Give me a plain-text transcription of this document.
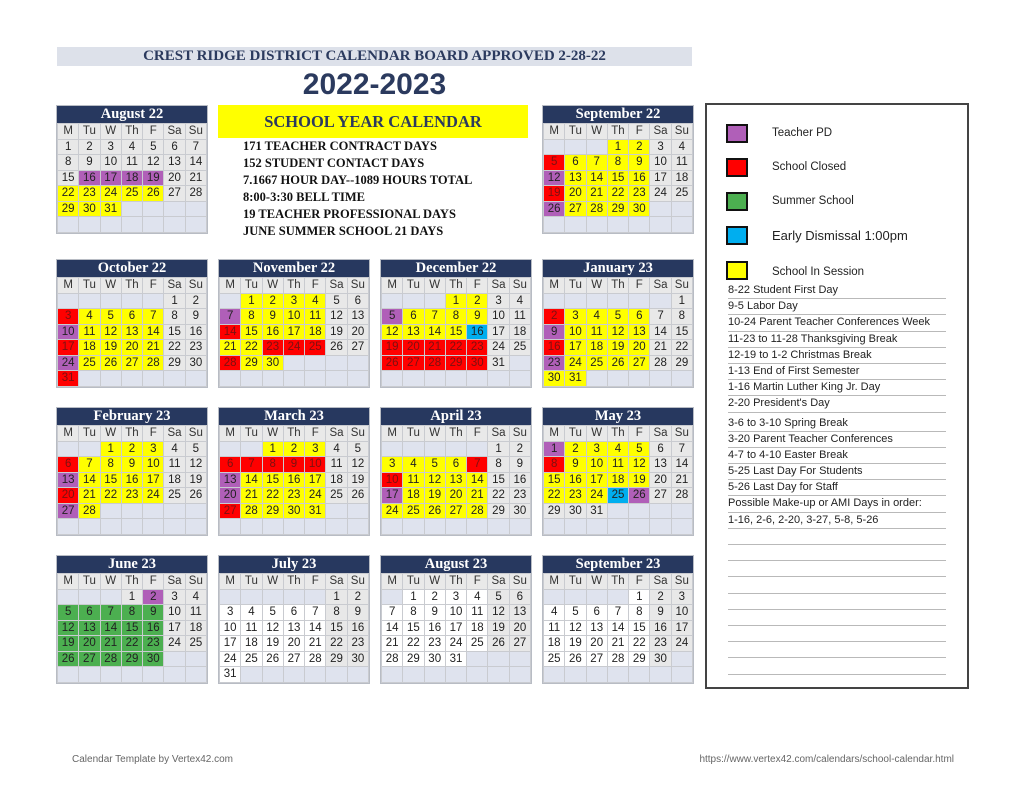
CREST RIDGE DISTRICT CALENDAR BOARD APPROVED 2-28-22
2022-2023
SCHOOL YEAR CALENDAR
171 TEACHER CONTRACT DAYS
152 STUDENT CONTACT DAYS
7.1667 HOUR DAY--1089 HOURS TOTAL
8:00-3:30 BELL TIME
19 TEACHER PROFESSIONAL DAYS
JUNE SUMMER SCHOOL 21 DAYS
August 22
M	Tu	W	Th	F	Sa	Su
1	2	3	4	5	6	7
8	9	10	11	12	13	14
15	16	17	18	19	20	21
22	23	24	25	26	27	28
29	30	31				

September 22
M	Tu	W	Th	F	Sa	Su
			1	2	3	4
5	6	7	8	9	10	11
12	13	14	15	16	17	18
19	20	21	22	23	24	25
26	27	28	29	30		

October 22
M	Tu	W	Th	F	Sa	Su
					1	2
3	4	5	6	7	8	9
10	11	12	13	14	15	16
17	18	19	20	21	22	23
24	25	26	27	28	29	30
31						
November 22
M	Tu	W	Th	F	Sa	Su
	1	2	3	4	5	6
7	8	9	10	11	12	13
14	15	16	17	18	19	20
21	22	23	24	25	26	27
28	29	30				

December 22
M	Tu	W	Th	F	Sa	Su
			1	2	3	4
5	6	7	8	9	10	11
12	13	14	15	16	17	18
19	20	21	22	23	24	25
26	27	28	29	30	31	

January 23
M	Tu	W	Th	F	Sa	Su
						1
2	3	4	5	6	7	8
9	10	11	12	13	14	15
16	17	18	19	20	21	22
23	24	25	26	27	28	29
30	31					
February 23
M	Tu	W	Th	F	Sa	Su
		1	2	3	4	5
6	7	8	9	10	11	12
13	14	15	16	17	18	19
20	21	22	23	24	25	26
27	28					

March 23
M	Tu	W	Th	F	Sa	Su
		1	2	3	4	5
6	7	8	9	10	11	12
13	14	15	16	17	18	19
20	21	22	23	24	25	26
27	28	29	30	31		

April 23
M	Tu	W	Th	F	Sa	Su
					1	2
3	4	5	6	7	8	9
10	11	12	13	14	15	16
17	18	19	20	21	22	23
24	25	26	27	28	29	30

May 23
M	Tu	W	Th	F	Sa	Su
1	2	3	4	5	6	7
8	9	10	11	12	13	14
15	16	17	18	19	20	21
22	23	24	25	26	27	28
29	30	31				

June 23
M	Tu	W	Th	F	Sa	Su
			1	2	3	4
5	6	7	8	9	10	11
12	13	14	15	16	17	18
19	20	21	22	23	24	25
26	27	28	29	30		

July 23
M	Tu	W	Th	F	Sa	Su
					1	2
3	4	5	6	7	8	9
10	11	12	13	14	15	16
17	18	19	20	21	22	23
24	25	26	27	28	29	30
31						
August 23
M	Tu	W	Th	F	Sa	Su
	1	2	3	4	5	6
7	8	9	10	11	12	13
14	15	16	17	18	19	20
21	22	23	24	25	26	27
28	29	30	31			

September 23
M	Tu	W	Th	F	Sa	Su
				1	2	3
4	5	6	7	8	9	10
11	12	13	14	15	16	17
18	19	20	21	22	23	24
25	26	27	28	29	30	

Teacher PD
School Closed
Summer School
Early Dismissal 1:00pm
School In Session
8-22 Student First Day
9-5 Labor Day
10-24 Parent Teacher Conferences Week
11-23 to 11-28 Thanksgiving Break
12-19 to 1-2 Christmas Break
1-13 End of First Semester
1-16 Martin Luther King Jr. Day
2-20 President's Day
3-6 to 3-10 Spring Break
3-20 Parent Teacher Conferences
4-7 to 4-10 Easter Break
5-25 Last Day For Students
5-26 Last Day for Staff
Possible Make-up or AMI Days in order:
1-16, 2-6, 2-20, 3-27, 5-8, 5-26
Calendar Template by Vertex42.com	https://www.vertex42.com/calendars/school-calendar.html
